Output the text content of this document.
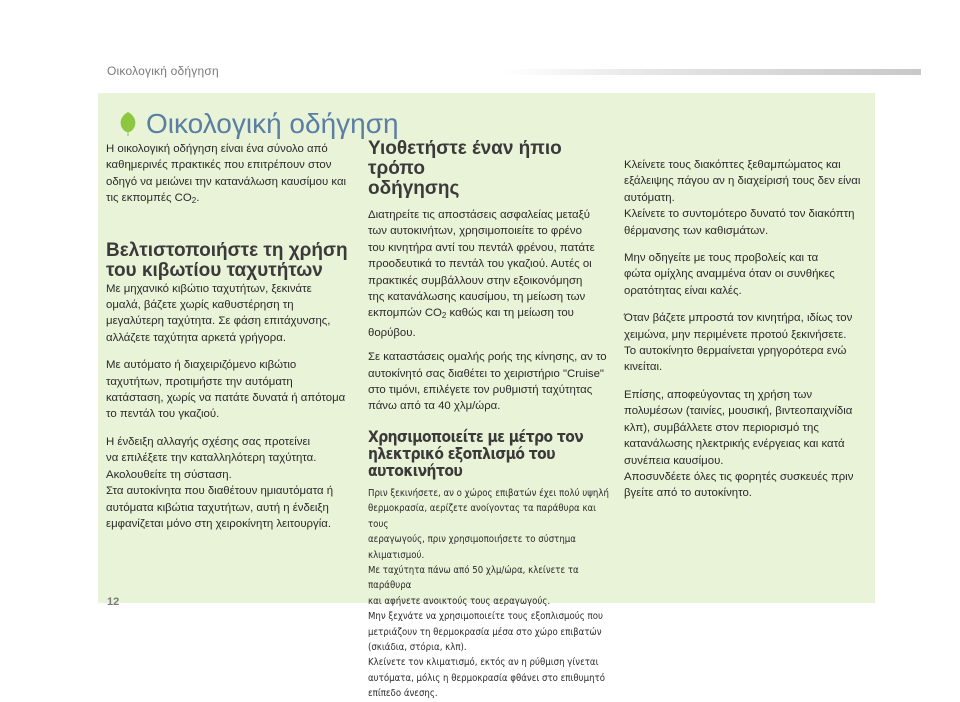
Οικολογική οδήγηση
Οικολογική οδήγηση

Η οικολογική οδήγηση είναι ένα σύνολο από
καθημερινές πρακτικές που επιτρέπουν στον
οδηγό να μειώνει την κατανάλωση καυσίμου και
τις εκπομπές $CO_2$.

Βελτιστοποιήστε τη χρήση
του κιβωτίου ταχυτήτων

Με μηχανικό κιβώτιο ταχυτήτων, ξεκινάτε
ομαλά, βάζετε χωρίς καθυστέρηση τη
μεγαλύτερη ταχύτητα. Σε φάση επιτάχυνσης,
αλλάζετε ταχύτητα αρκετά γρήγορα.

Με αυτόματο ή διαχειριζόμενο κιβώτιο
ταχυτήτων, προτιμήστε την αυτόματη
κατάσταση, χωρίς να πατάτε δυνατά ή απότομα
το πεντάλ του γκαζιού.

Η ένδειξη αλλαγής σχέσης σας προτείνει
να επιλέξετε την καταλληλότερη ταχύτητα.
Ακολουθείτε τη σύσταση.
Στα αυτοκίνητα που διαθέτουν ημιαυτόματα ή
αυτόματα κιβώτια ταχυτήτων, αυτή η ένδειξη
εμφανίζεται μόνο στη χειροκίνητη λειτουργία.

Υιοθετήστε έναν ήπιο τρόπο
οδήγησης

Διατηρείτε τις αποστάσεις ασφαλείας μεταξύ
των αυτοκινήτων, χρησιμοποιείτε το φρένο
του κινητήρα αντί του πεντάλ φρένου, πατάτε
προοδευτικά το πεντάλ του γκαζιού. Αυτές οι
πρακτικές συμβάλλουν στην εξοικονόμηση
της κατανάλωσης καυσίμου, τη μείωση των
εκπομπών $CO_2$ καθώς και τη μείωση του
θορύβου.

Σε καταστάσεις ομαλής ροής της κίνησης, αν το
αυτοκίνητό σας διαθέτει το χειριστήριο "Cruise"
στο τιμόνι, επιλέγετε τον ρυθμιστή ταχύτητας
πάνω από τα 40 χλμ/ώρα.

Χρησιμοποιείτε με μέτρο τον
ηλεκτρικό εξοπλισμό του αυτοκινήτου

Πριν ξεκινήσετε, αν ο χώρος επιβατών έχει πολύ υψηλή
θερμοκρασία, αερίζετε ανοίγοντας τα παράθυρα και τους
αεραγωγούς, πριν χρησιμοποιήσετε το σύστημα κλιματισμού.
Με ταχύτητα πάνω από 50 χλμ/ώρα, κλείνετε τα παράθυρα
και αφήνετε ανοικτούς τους αεραγωγούς.
Μην ξεχνάτε να χρησιμοποιείτε τους εξοπλισμούς που
μετριάζουν τη θερμοκρασία μέσα στο χώρο επιβατών
(σκιάδια, στόρια, κλπ).
Κλείνετε τον κλιματισμό, εκτός αν η ρύθμιση γίνεται
αυτόματα, μόλις η θερμοκρασία φθάνει στο επιθυμητό
επίπεδο άνεσης.

Κλείνετε τους διακόπτες ξεθαμπώματος και
εξάλειψης πάγου αν η διαχείρισή τους δεν είναι
αυτόματη.
Κλείνετε το συντομότερο δυνατό τον διακόπτη
θέρμανσης των καθισμάτων.

Μην οδηγείτε με τους προβολείς και τα
φώτα ομίχλης αναμμένα όταν οι συνθήκες
ορατότητας είναι καλές.

Όταν βάζετε μπροστά τον κινητήρα, ιδίως τον
χειμώνα, μην περιμένετε προτού ξεκινήσετε.
Το αυτοκίνητο θερμαίνεται γρηγορότερα ενώ
κινείται.

Επίσης, αποφεύγοντας τη χρήση των
πολυμέσων (ταινίες, μουσική, βιντεοπαιχνίδια
κλπ), συμβάλλετε στον περιορισμό της
κατανάλωσης ηλεκτρικής ενέργειας και κατά
συνέπεια καυσίμου.
Αποσυνδέετε όλες τις φορητές συσκευές πριν
βγείτε από το αυτοκίνητο.

12
